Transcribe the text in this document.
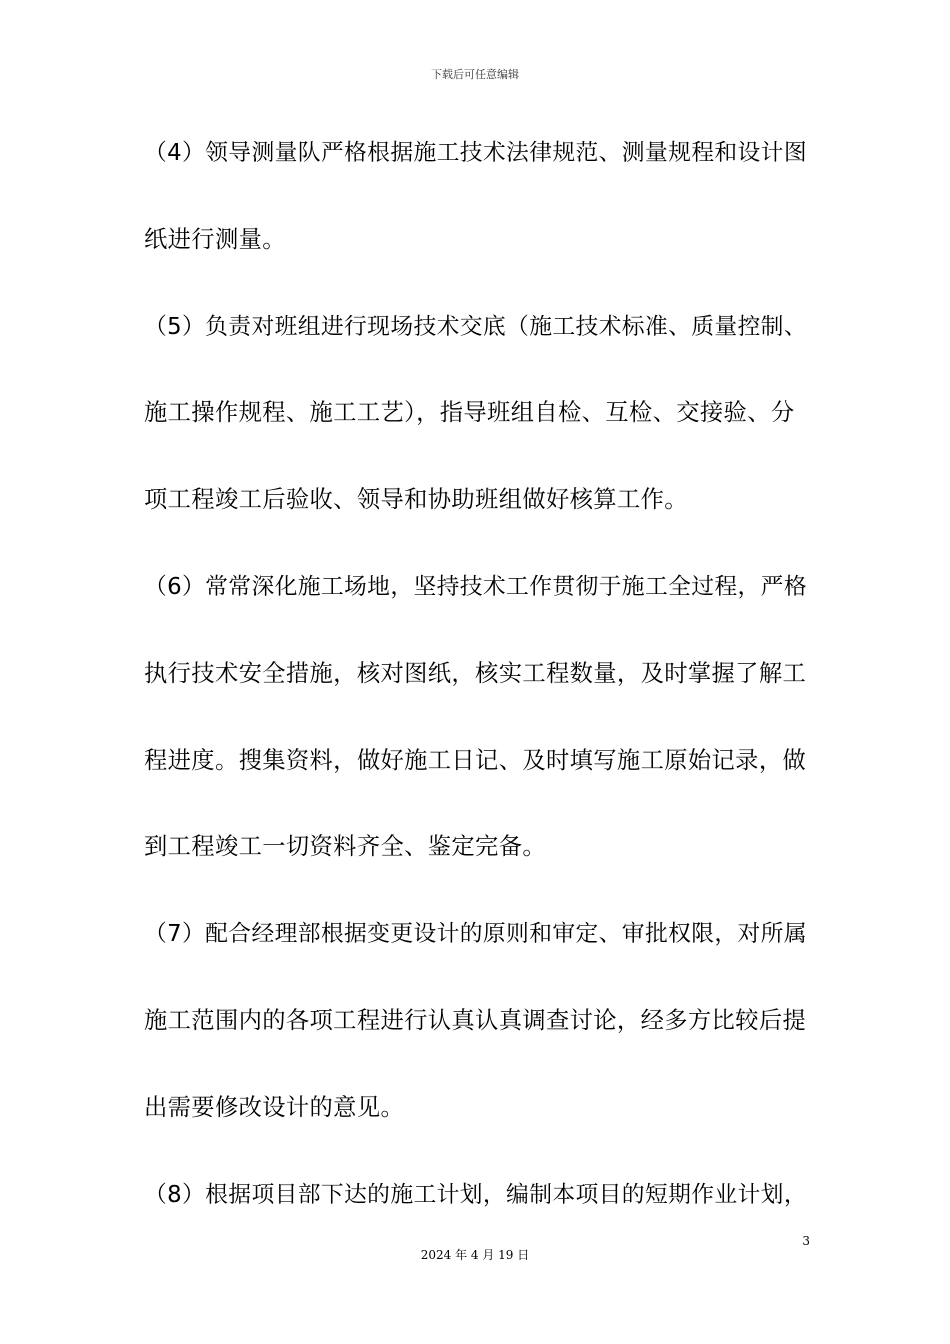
下载后可任意编辑
（4）领导测量队严格根据施工技术法律规范、测量规程和设计图
纸进行测量。
（5）负责对班组进行现场技术交底（施工技术标准、质量控制、
施工操作规程、施工工艺），指导班组自检、互检、交接验、分
项工程竣工后验收、领导和协助班组做好核算工作。
（6）常常深化施工场地，坚持技术工作贯彻于施工全过程，严格
执行技术安全措施，核对图纸，核实工程数量，及时掌握了解工
程进度。搜集资料，做好施工日记、及时填写施工原始记录，做
到工程竣工一切资料齐全、鉴定完备。
（7）配合经理部根据变更设计的原则和审定、审批权限，对所属
施工范围内的各项工程进行认真认真调查讨论，经多方比较后提
出需要修改设计的意见。
（8）根据项目部下达的施工计划，编制本项目的短期作业计划，
3
2024 年 4 月 19 日
